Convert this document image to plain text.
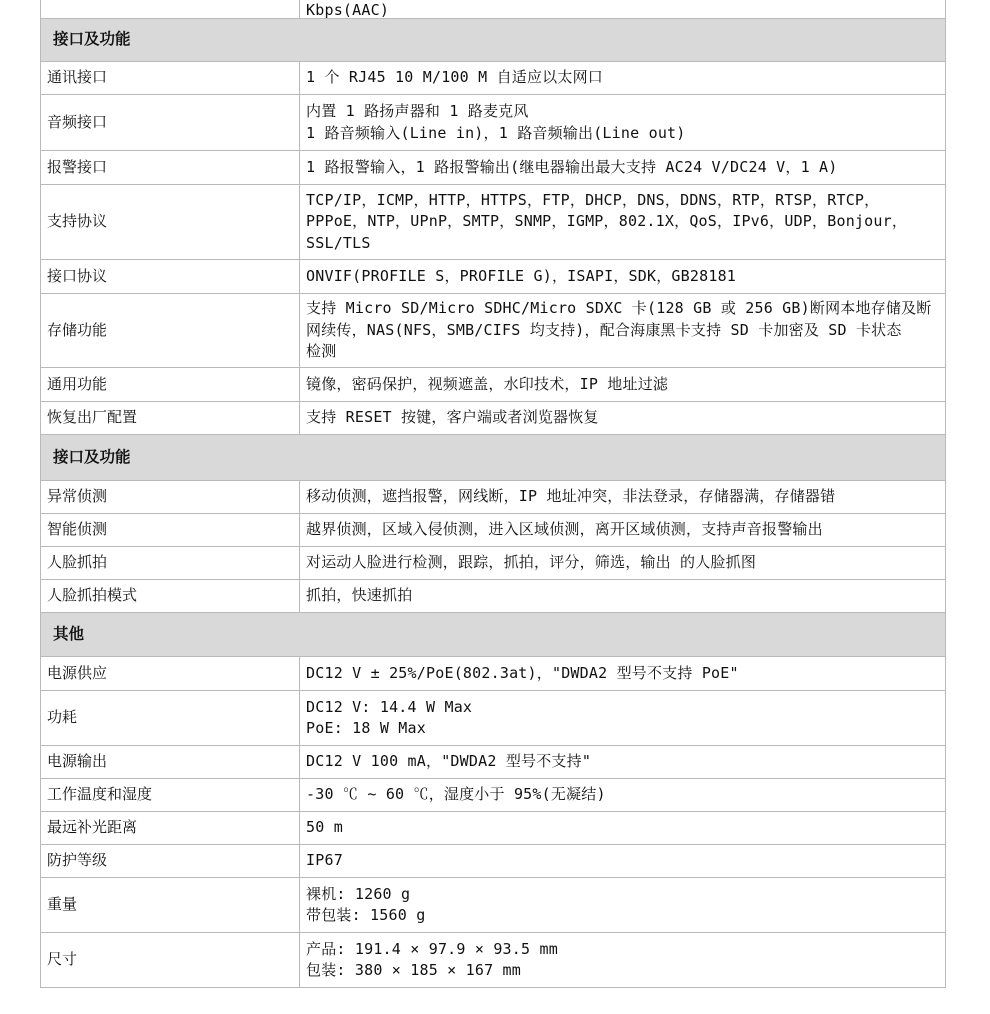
	Kbps(AAC)
接口及功能	
通讯接口	1 个 RJ45 10 M/100 M 自适应以太网口
音频接口	内置 1 路扬声器和 1 路麦克风
1 路音频输入(Line in)，1 路音频输出(Line out)
报警接口	1 路报警输入，1 路报警输出(继电器输出最大支持 AC24 V/DC24 V，1 A)
支持协议	TCP/IP，ICMP，HTTP，HTTPS，FTP，DHCP，DNS，DDNS，RTP，RTSP，RTCP，
PPPoE，NTP，UPnP，SMTP，SNMP，IGMP，802.1X，QoS，IPv6，UDP，Bonjour，
SSL/TLS
接口协议	ONVIF(PROFILE S，PROFILE G)，ISAPI，SDK，GB28181
存储功能	支持 Micro SD/Micro SDHC/Micro SDXC 卡(128 GB 或 256 GB)断网本地存储及断
网续传，NAS(NFS，SMB/CIFS 均支持)，配合海康黑卡支持 SD 卡加密及 SD 卡状态
检测
通用功能	镜像，密码保护，视频遮盖，水印技术，IP 地址过滤
恢复出厂配置	支持 RESET 按键，客户端或者浏览器恢复
接口及功能	
异常侦测	移动侦测，遮挡报警，网线断，IP 地址冲突，非法登录，存储器满，存储器错
智能侦测	越界侦测，区域入侵侦测，进入区域侦测，离开区域侦测，支持声音报警输出
人脸抓拍	对运动人脸进行检测，跟踪，抓拍，评分，筛选，输出 的人脸抓图
人脸抓拍模式	抓拍，快速抓拍
其他	
电源供应	DC12 V ± 25%/PoE(802.3at)，"DWDA2 型号不支持 PoE"
功耗	DC12 V: 14.4 W Max
PoE: 18 W Max
电源输出	DC12 V 100 mA，"DWDA2 型号不支持"
工作温度和湿度	-30 ℃ ~ 60 ℃，湿度小于 95%(无凝结)
最远补光距离	50 m
防护等级	IP67
重量	裸机: 1260 g
带包装: 1560 g
尺寸	产品: 191.4 × 97.9 × 93.5 mm
包装: 380 × 185 × 167 mm
